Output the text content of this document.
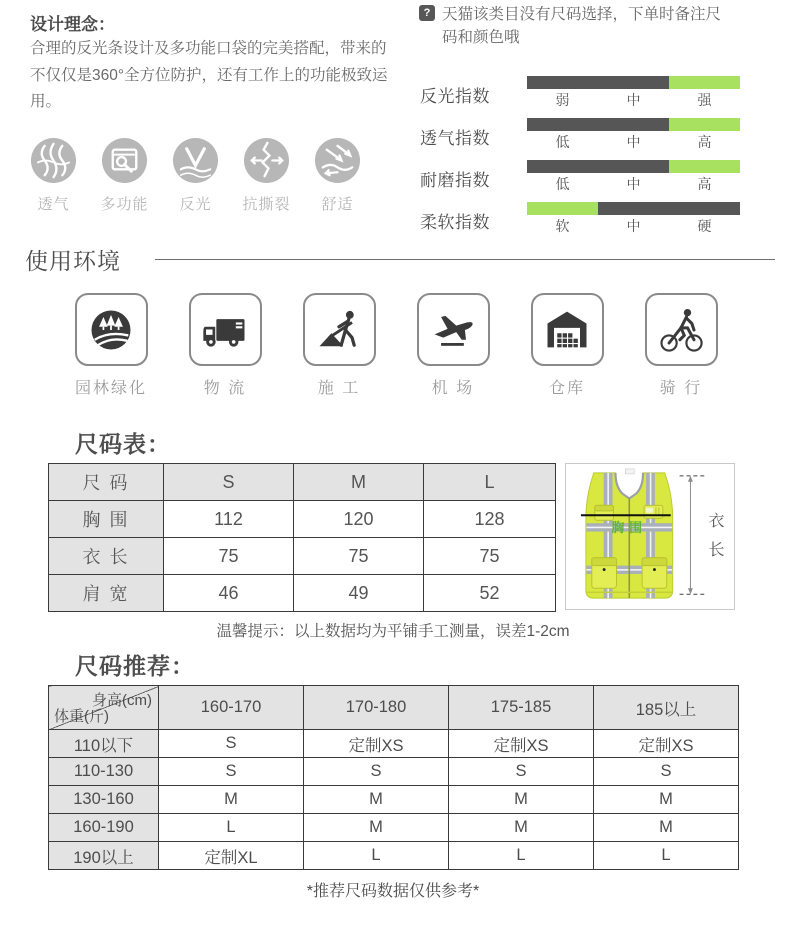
设计理念：

合理的反光条设计及多功能口袋的完美搭配，带来的不仅仅是360°全方位防护，还有工作上的功能极致运用。

透气 多功能 反光 抗撕裂 舒适
? 天猫该类目没有尺码选择，下单时备注尺码和颜色哦
反光指数	弱	中	强
透气指数	低	中	高
耐磨指数	低	中	高
柔软指数	软	中	硬
使用环境
园林绿化	物 流	施 工	机 场	仓库	骑 行
尺码表：
尺 码	S	M	L
胸 围	112	120	128
衣 长	75	75	75
肩 宽	46	49	52
胸围	衣长

温馨提示：以上数据均为平铺手工测量，误差1-2cm

尺码推荐：
身高(cm)
体重(斤)	160-170	170-180	175-185	185以上
110以下	S	定制XS	定制XS	定制XS
110-130	S	S	S	S
130-160	M	M	M	M
160-190	L	M	M	M
190以上	定制XL	L	L	L

*推荐尺码数据仅供参考*
